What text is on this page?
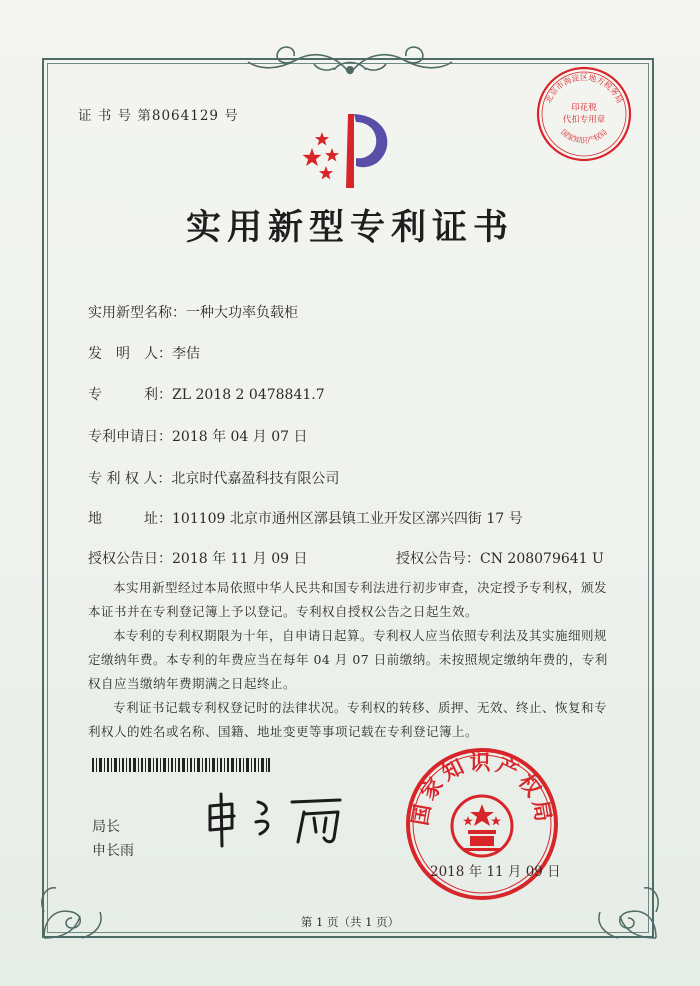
证 书 号 第8064129 号
北京市海淀区地方税务局
国家知识产权局
印花税
代扣专用章
实用新型专利证书
实用新型名称：一种大功率负载柜
发　明　人：李佶
专　　　利：ZL 2018 2 0478841.7
专利申请日：2018 年 04 月 07 日
专 利 权 人：北京时代嘉盈科技有限公司
地　　　址：101109 北京市通州区漷县镇工业开发区漷兴四街 17 号
授权公告日：2018 年 11 月 09 日	授权公告号：CN 208079641 U

本实用新型经过本局依照中华人民共和国专利法进行初步审查，决定授予专利权，颁发本证书并在专利登记簿上予以登记。专利权自授权公告之日起生效。

本专利的专利权期限为十年，自申请日起算。专利权人应当依照专利法及其实施细则规定缴纳年费。本专利的年费应当在每年 04 月 07 日前缴纳。未按照规定缴纳年费的，专利权自应当缴纳年费期满之日起终止。

专利证书记载专利权登记时的法律状况。专利权的转移、质押、无效、终止、恢复和专利权人的姓名或名称、国籍、地址变更等事项记载在专利登记簿上。

局长
申长雨
国家知识产权局
2018 年 11 月 09 日
第 1 页（共 1 页）
